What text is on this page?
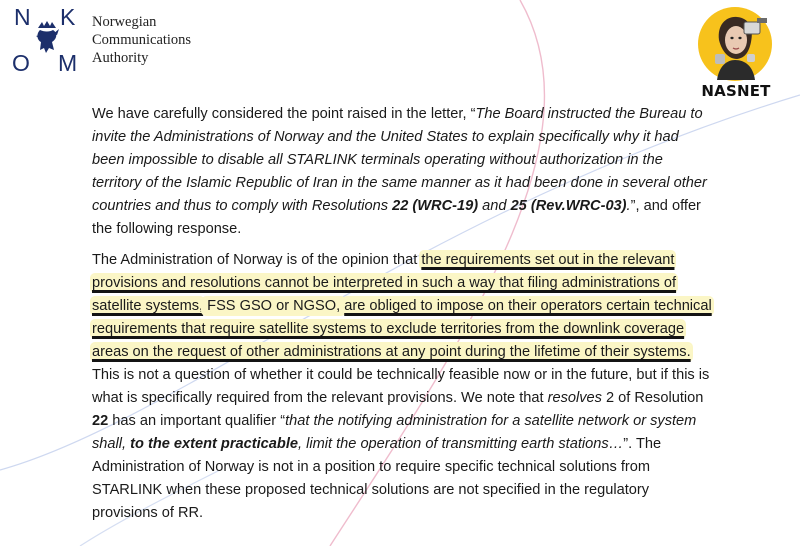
N K
O M
Norwegian
Communications
Authority
NASNET
We have carefully considered the point raised in the letter, “The Board instructed the Bureau to
invite the Administrations of Norway and the United States to explain specifically why it had
been impossible to disable all STARLINK terminals operating without authorization in the
territory of the Islamic Republic of Iran in the same manner as it had been done in several other
countries and thus to comply with Resolutions 22 (WRC-19) and 25 (Rev.WRC-03).”, and offer
the following response.
The Administration of Norway is of the opinion that the requirements set out in the relevant
provisions and resolutions cannot be interpreted in such a way that filing administrations of
satellite systems, FSS GSO or NGSO, are obliged to impose on their operators certain technical
requirements that require satellite systems to exclude territories from the downlink coverage
areas on the request of other administrations at any point during the lifetime of their systems.
This is not a question of whether it could be technically feasible now or in the future, but if this is
what is specifically required from the relevant provisions. We note that resolves 2 of Resolution
22 has an important qualifier “that the notifying administration for a satellite network or system
shall, to the extent practicable, limit the operation of transmitting earth stations…”. The
Administration of Norway is not in a position to require specific technical solutions from
STARLINK when these proposed technical solutions are not specified in the regulatory
provisions of RR.
